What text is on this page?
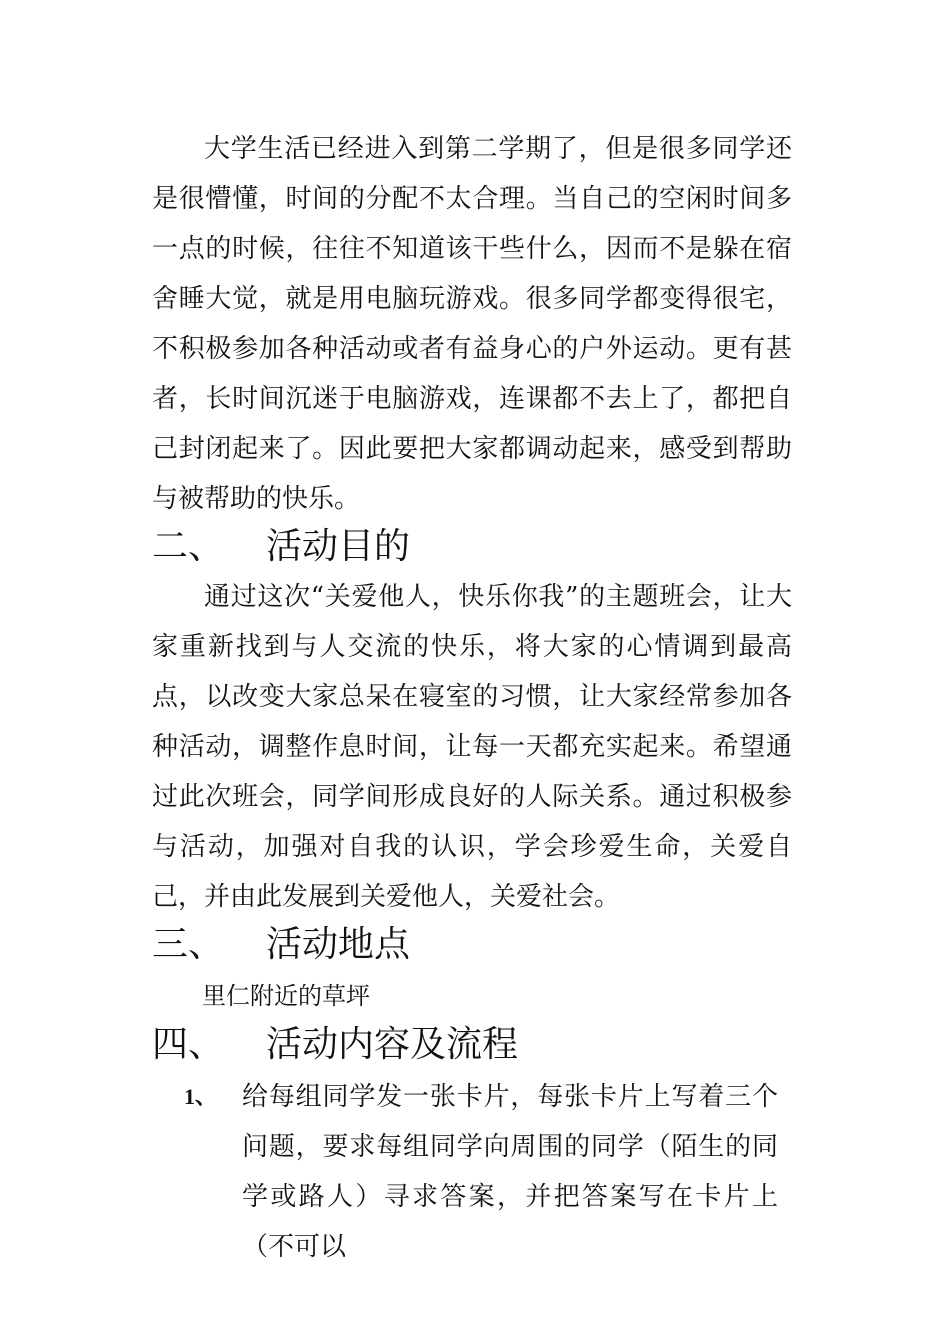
大学生活已经进入到第二学期了，但是很多同学还是很懵懂，时间的分配不太合理。当自己的空闲时间多一点的时候，往往不知道该干些什么，因而不是躲在宿舍睡大觉，就是用电脑玩游戏。很多同学都变得很宅，不积极参加各种活动或者有益身心的户外运动。更有甚者，长时间沉迷于电脑游戏，连课都不去上了，都把自己封闭起来了。因此要把大家都调动起来，感受到帮助与被帮助的快乐。

二、 活动目的

通过这次“关爱他人，快乐你我”的主题班会，让大家重新找到与人交流的快乐，将大家的心情调到最高点，以改变大家总呆在寝室的习惯，让大家经常参加各种活动，调整作息时间，让每一天都充实起来。希望通过此次班会，同学间形成良好的人际关系。通过积极参与活动，加强对自我的认识，学会珍爱生命，关爱自己，并由此发展到关爱他人，关爱社会。

三、 活动地点

里仁附近的草坪

四、 活动内容及流程
1、 给每组同学发一张卡片，每张卡片上写着三个问题，要求每组同学向周围的同学（陌生的同学或路人）寻求答案，并把答案写在卡片上（不可以
